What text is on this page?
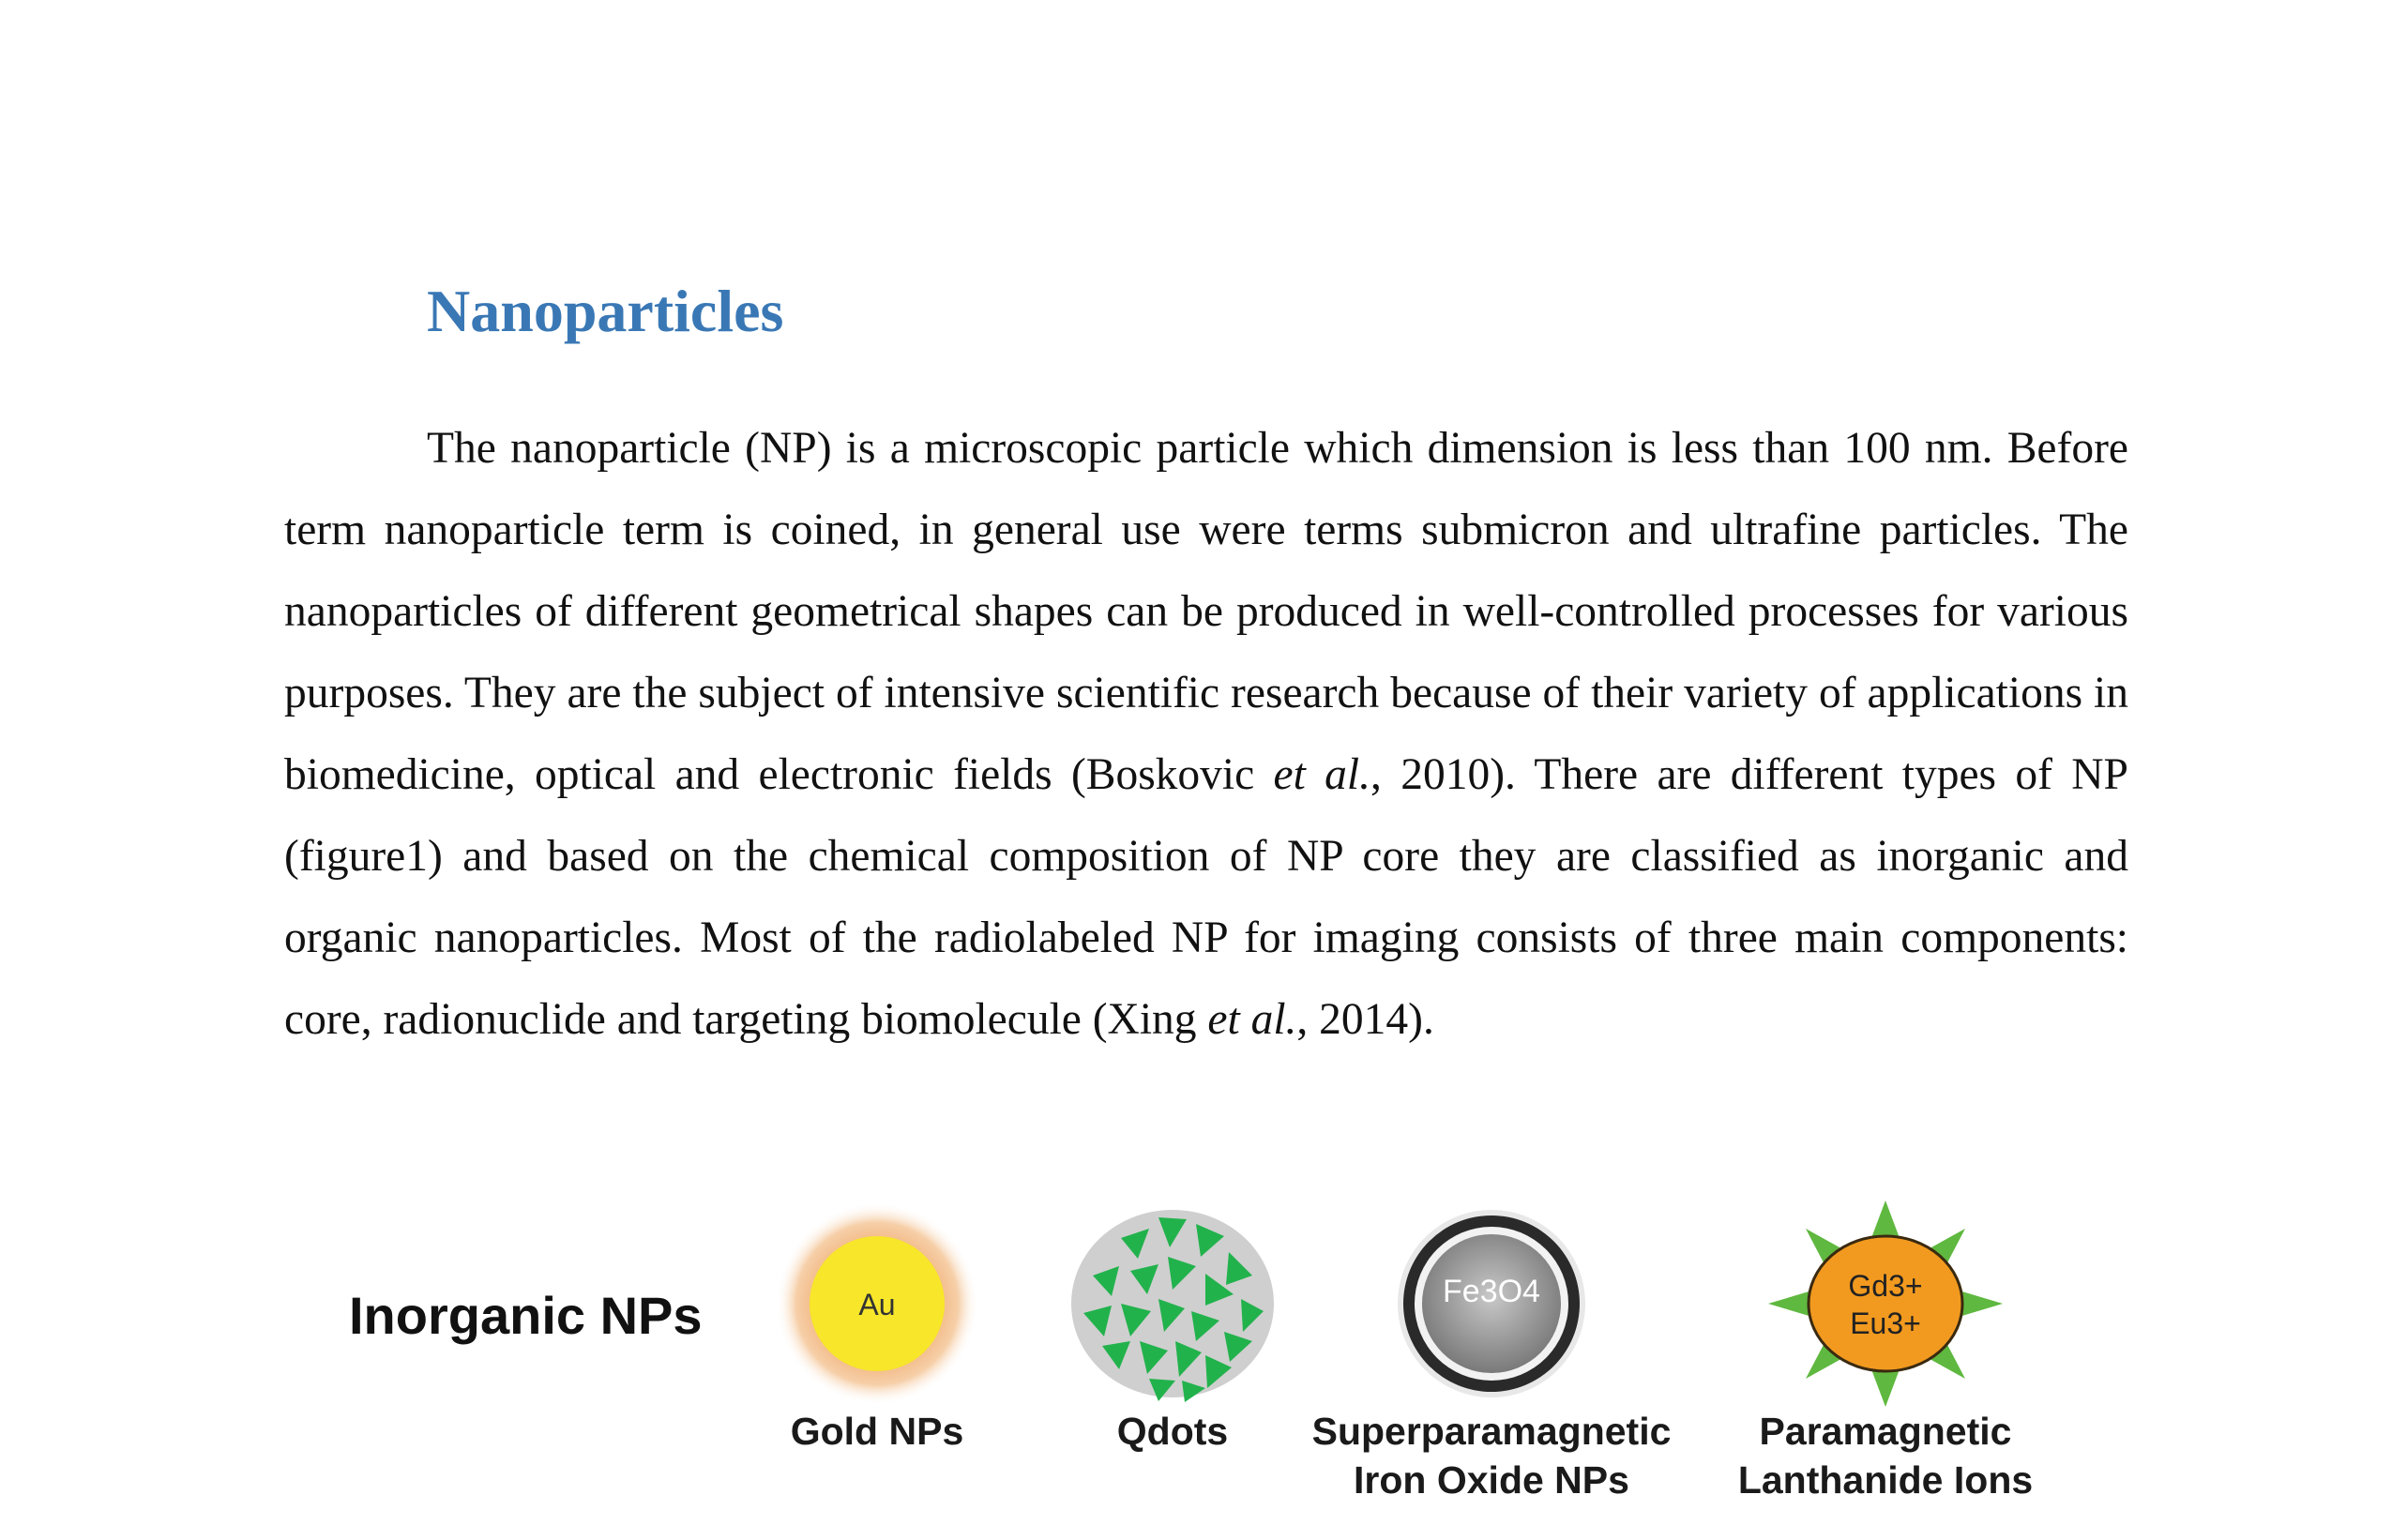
Nanoparticles

The nanoparticle (NP) is a microscopic particle which dimension is less than 100 nm. Before term nanoparticle term is coined, in general use were terms submicron and ultrafine particles. The nanoparticles of different geometrical shapes can be produced in well-controlled processes for various purposes. They are the subject of intensive scientific research because of their variety of applications in biomedicine, optical and electronic fields (Boskovic et al., 2010). There are different types of NP (figure1) and based on the chemical composition of NP core they are classified as inorganic and organic nanoparticles. Most of the radiolabeled NP for imaging consists of three main components: core, radionuclide and targeting biomolecule (Xing et al., 2014).

Inorganic NPs	Au
Gold NPs	Qdots
Fe3O4
Superparamagnetic
Iron Oxide NPs
Gd3+
Eu3+
Paramagnetic
Lanthanide Ions
